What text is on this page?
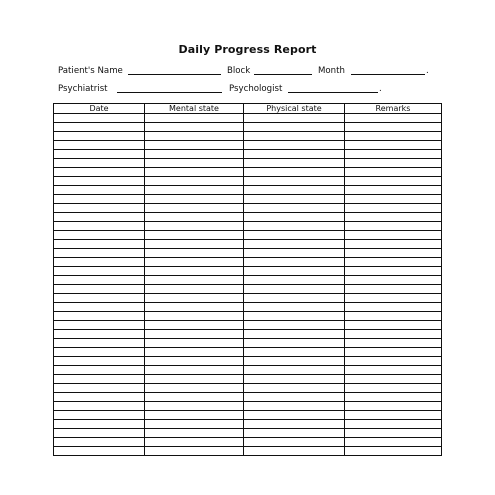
Daily Progress Report
Patient's Name	Block	Month	.
Psychiatrist	Psychologist	.
Date	Mental state	Physical state	Remarks
